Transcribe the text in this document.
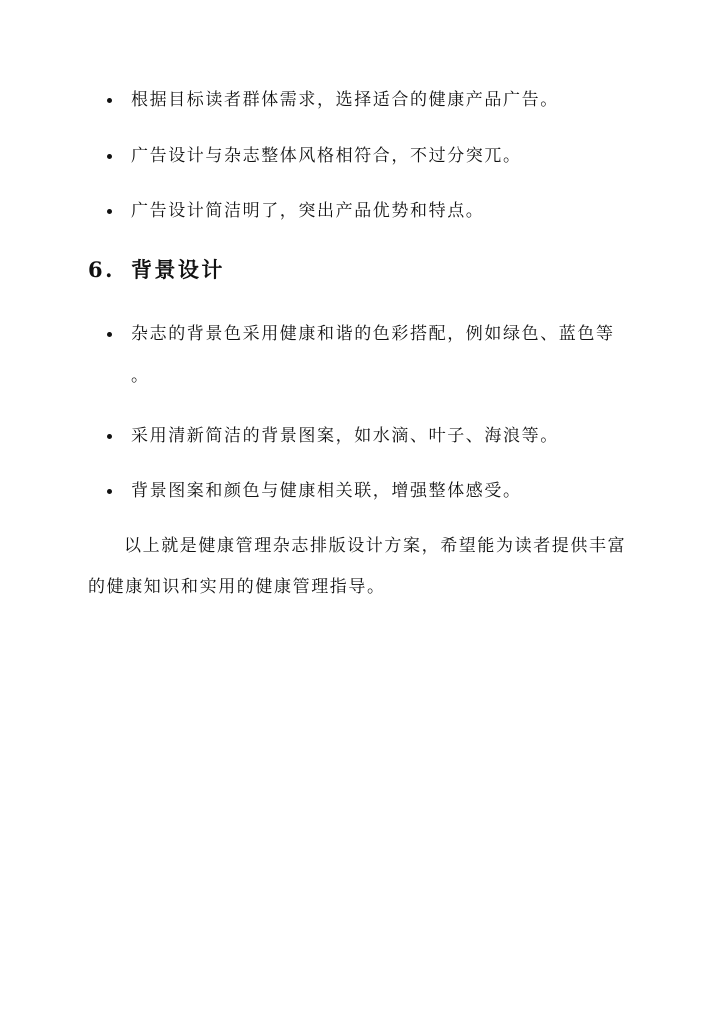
根据目标读者群体需求，选择适合的健康产品广告。
广告设计与杂志整体风格相符合，不过分突兀。
广告设计简洁明了，突出产品优势和特点。
6. 背景设计
杂志的背景色采用健康和谐的色彩搭配，例如绿色、蓝色等
。
采用清新简洁的背景图案，如水滴、叶子、海浪等。
背景图案和颜色与健康相关联，增强整体感受。
以上就是健康管理杂志排版设计方案，希望能为读者提供丰富
的健康知识和实用的健康管理指导。
